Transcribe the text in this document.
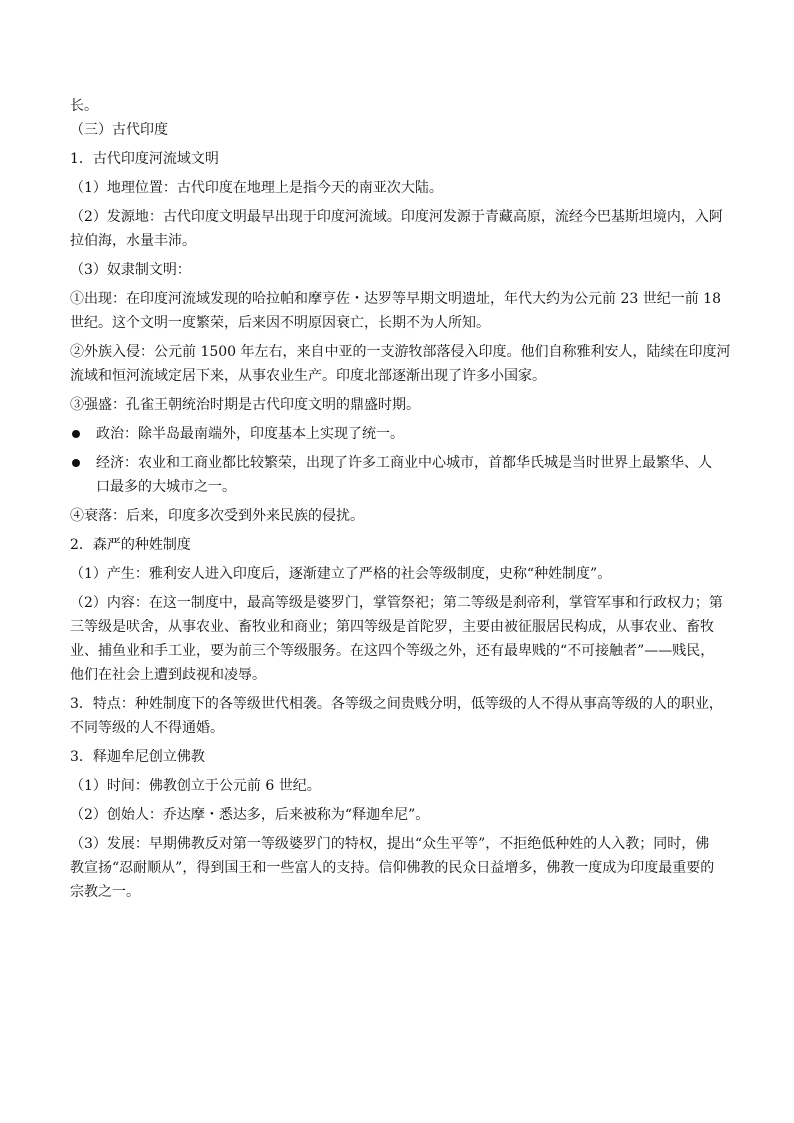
长。
（三）古代印度
1．古代印度河流域文明
（1）地理位置：古代印度在地理上是指今天的南亚次大陆。
（2）发源地：古代印度文明最早出现于印度河流域。印度河发源于青藏高原，流经今巴基斯坦境内，入阿
拉伯海，水量丰沛。
（3）奴隶制文明：
①出现：在印度河流域发现的哈拉帕和摩亨佐・达罗等早期文明遗址，年代大约为公元前 23 世纪一前 18
世纪。这个文明一度繁荣，后来因不明原因衰亡，长期不为人所知。
②外族入侵：公元前 1500 年左右，来自中亚的一支游牧部落侵入印度。他们自称雅利安人，陆续在印度河
流域和恒河流域定居下来，从事农业生产。印度北部逐渐出现了许多小国家。
③强盛：孔雀王朝统治时期是古代印度文明的鼎盛时期。
政治：除半岛最南端外，印度基本上实现了统一。
经济：农业和工商业都比较繁荣，出现了许多工商业中心城市，首都华氏城是当时世界上最繁华、人
口最多的大城市之一。
④衰落：后来，印度多次受到外来民族的侵扰。
2．森严的种姓制度
（1）产生：雅利安人进入印度后，逐渐建立了严格的社会等级制度，史称“种姓制度”。
（2）内容：在这一制度中，最高等级是婆罗门，掌管祭祀；第二等级是刹帝利，掌管军事和行政权力；第
三等级是吠舍，从事农业、畜牧业和商业；第四等级是首陀罗，主要由被征服居民构成，从事农业、畜牧
业、捕鱼业和手工业，要为前三个等级服务。在这四个等级之外，还有最卑贱的“不可接触者”——贱民，
他们在社会上遭到歧视和凌辱。
3．特点：种姓制度下的各等级世代相袭。各等级之间贵贱分明，低等级的人不得从事高等级的人的职业，
不同等级的人不得通婚。
3．释迦牟尼创立佛教
（1）时间：佛教创立于公元前 6 世纪。
（2）创始人：乔达摩・悉达多，后来被称为“释迦牟尼”。
（3）发展：早期佛教反对第一等级婆罗门的特权，提出“众生平等”，不拒绝低种姓的人入教；同时，佛
教宣扬“忍耐顺从”，得到国王和一些富人的支持。信仰佛教的民众日益增多，佛教一度成为印度最重要的
宗教之一。
